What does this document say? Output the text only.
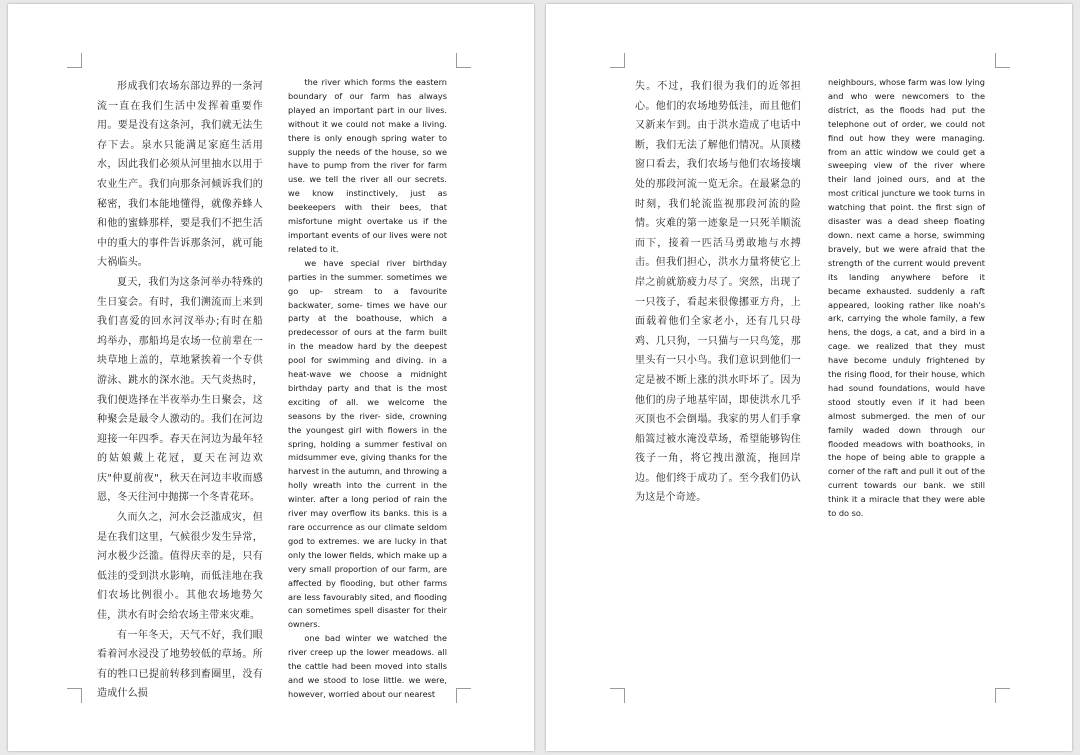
形成我们农场东部边界的一条河流一直在我们生活中发挥着重要作用。要是没有这条河，我们就无法生存下去。泉水只能满足家庭生活用水，因此我们必须从河里抽水以用于农业生产。我们向那条河倾诉我们的秘密，我们本能地懂得，就像养蜂人和他的蜜蜂那样，要是我们不把生活中的重大的事件告诉那条河，就可能大祸临头。

夏天，我们为这条河举办特殊的生日宴会。有时，我们溯流而上来到我们喜爱的回水河汊举办;有时在船坞举办，那船坞是农场一位前辈在一块草地上盖的，草地紧挨着一个专供游泳、跳水的深水池。天气炎热时，我们便选择在半夜举办生日聚会，这种聚会是最令人激动的。我们在河边迎接一年四季。春天在河边为最年轻的姑娘戴上花冠，夏天在河边欢庆"仲夏前夜"，秋天在河边丰收而感恩，冬天往河中抛掷一个冬青花环。

久而久之，河水会泛滥成灾，但是在我们这里，气候很少发生异常，河水极少泛滥。值得庆幸的是，只有低洼的受到洪水影响，而低洼地在我们农场比例很小。其他农场地势欠佳，洪水有时会给农场主带来灾难。

有一年冬天，天气不好，我们眼看着河水浸没了地势较低的草场。所有的牲口已提前转移到畜圈里，没有造成什么损

the river which forms the eastern boundary of our farm has always played an important part in our lives. without it we could not make a living. there is only enough spring water to supply the needs of the house, so we have to pump from the river for farm use. we tell the river all our secrets. we know instinctively, just as beekeepers with their bees, that misfortune might overtake us if the important events of our lives were not related to it.

we have special river birthday parties in the summer. sometimes we go up- stream to a favourite backwater, some- times we have our party at the boathouse, which a predecessor of ours at the farm built in the meadow hard by the deepest pool for swimming and diving. in a heat-wave we choose a midnight birthday party and that is the most exciting of all. we welcome the seasons by the river- side, crowning the youngest girl with flowers in the spring, holding a summer festival on midsummer eve, giving thanks for the harvest in the autumn, and throwing a holly wreath into the current in the winter. after a long period of rain the river may overflow its banks. this is a rare occurrence as our climate seldom god to extremes. we are lucky in that only the lower fields, which make up a very small proportion of our farm, are affected by flooding, but other farms are less favourably sited, and flooding can sometimes spell disaster for their owners.

one bad winter we watched the river creep up the lower meadows. all the cattle had been moved into stalls and we stood to lose little. we were, however, worried about our nearest

失。不过，我们很为我们的近邻担心。他们的农场地势低洼，而且他们又新来乍到。由于洪水造成了电话中断，我们无法了解他们情况。从顶楼窗口看去，我们农场与他们农场接壤处的那段河流一览无余。在最紧急的时刻，我们轮流监视那段河流的险情。灾难的第一迹象是一只死羊顺流而下，接着一匹活马勇敢地与水搏击。但我们担心，洪水力量将使它上岸之前就筋疲力尽了。突然，出现了一只筏子，看起来很像挪亚方舟，上面载着他们全家老小，还有几只母鸡、几只狗，一只猫与一只鸟笼，那里头有一只小鸟。我们意识到他们一定是被不断上涨的洪水吓坏了。因为他们的房子地基牢固，即使洪水几乎灭顶也不会倒塌。我家的男人们手拿船篙过被水淹没草场，希望能够钩住筏子一角，将它拽出激流，拖回岸边。他们终于成功了。至今我们仍认为这是个奇迹。

neighbours, whose farm was low lying and who were newcomers to the district, as the floods had put the telephone out of order, we could not find out how they were managing. from an attic window we could get a sweeping view of the river where their land joined ours, and at the most critical juncture we took turns in watching that point. the first sign of disaster was a dead sheep floating down. next came a horse, swimming bravely, but we were afraid that the strength of the current would prevent its landing anywhere before it became exhausted. suddenly a raft appeared, looking rather like noah's ark, carrying the whole family, a few hens, the dogs, a cat, and a bird in a cage. we realized that they must have become unduly frightened by the rising flood, for their house, which had sound foundations, would have stood stoutly even if it had been almost submerged. the men of our family waded down through our flooded meadows with boathooks, in the hope of being able to grapple a corner of the raft and pull it out of the current towards our bank. we still think it a miracle that they were able to do so.
